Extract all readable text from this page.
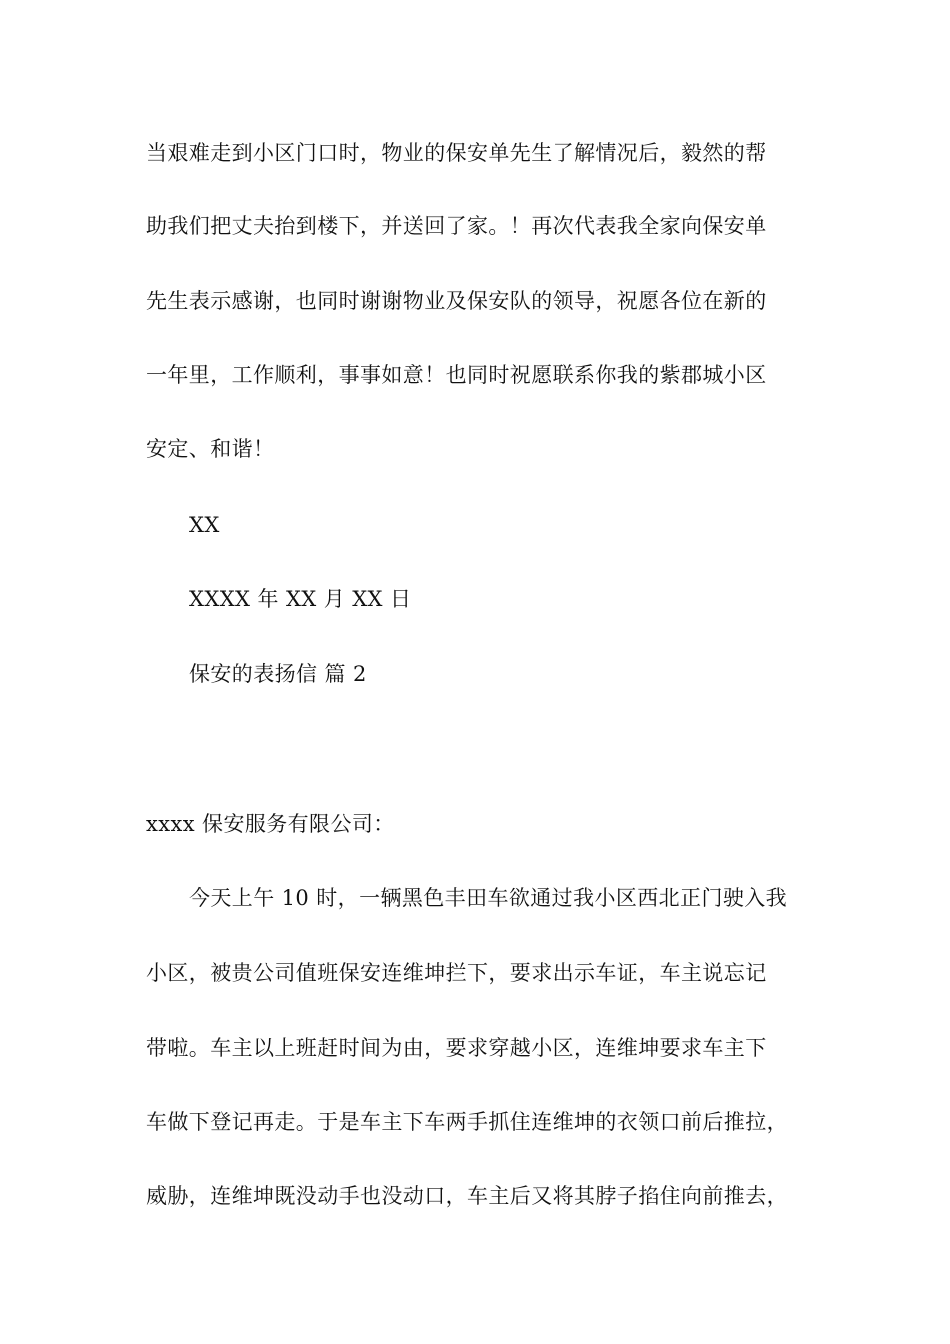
当艰难走到小区门口时，物业的保安单先生了解情况后，毅然的帮
助我们把丈夫抬到楼下，并送回了家。！再次代表我全家向保安单
先生表示感谢，也同时谢谢物业及保安队的领导，祝愿各位在新的
一年里，工作顺利，事事如意！也同时祝愿联系你我的紫郡城小区
安定、和谐！
XX
XXXX 年 XX 月 XX 日
保安的表扬信 篇 2
xxxx 保安服务有限公司：
今天上午 10 时，一辆黑色丰田车欲通过我小区西北正门驶入我
小区，被贵公司值班保安连维坤拦下，要求出示车证，车主说忘记
带啦。车主以上班赶时间为由，要求穿越小区，连维坤要求车主下
车做下登记再走。于是车主下车两手抓住连维坤的衣领口前后推拉，
威胁，连维坤既没动手也没动口，车主后又将其脖子掐住向前推去，
